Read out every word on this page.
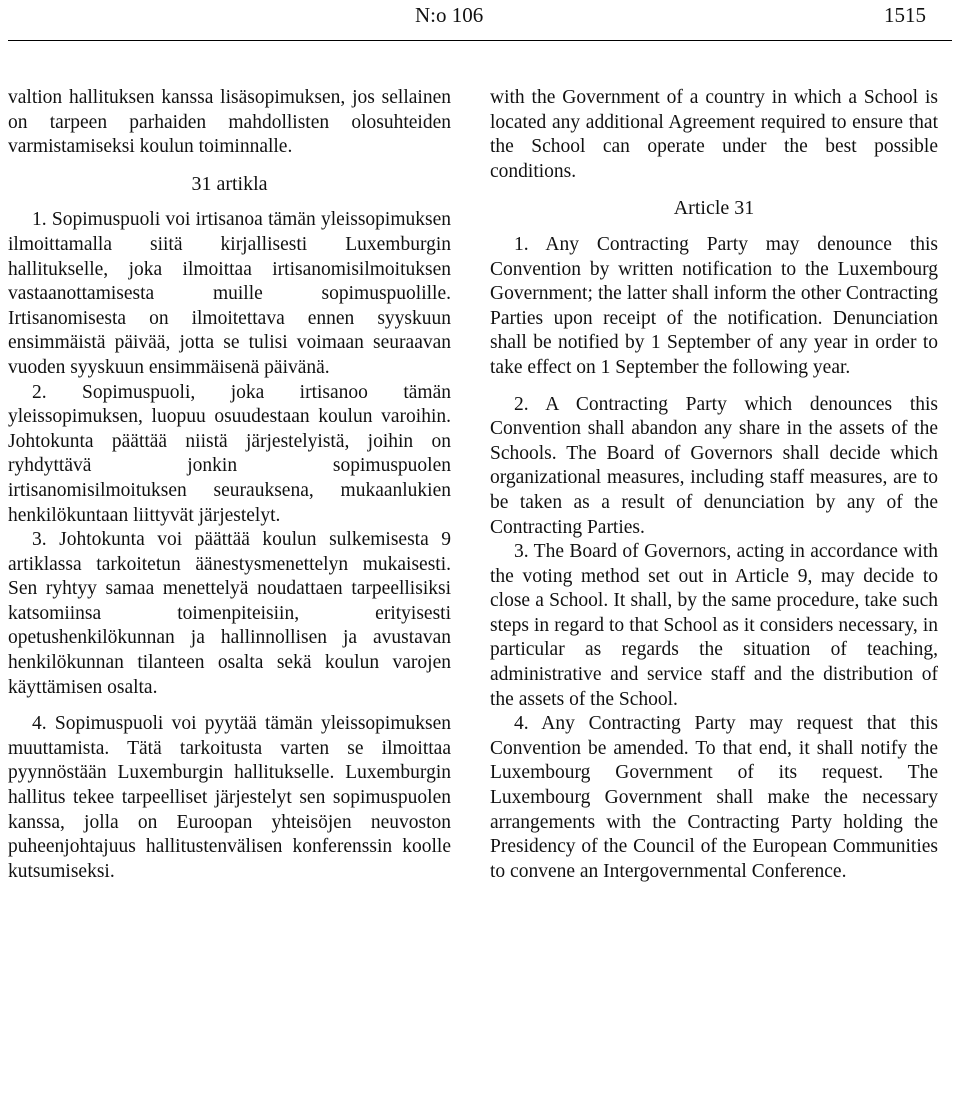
N:o 106	1515

valtion hallituksen kanssa lisäsopimuksen, jos sellainen on tarpeen parhaiden mahdollisten olosuhteiden varmistamiseksi koulun toiminnalle.

31 artikla

1. Sopimuspuoli voi irtisanoa tämän yleissopimuksen ilmoittamalla siitä kirjallisesti Luxemburgin hallitukselle, joka ilmoittaa irtisanomisilmoituksen vastaanottamisesta muille sopimuspuolille. Irtisanomisesta on ilmoitettava ennen syyskuun ensimmäistä päivää, jotta se tulisi voimaan seuraavan vuoden syyskuun ensimmäisenä päivänä.

2. Sopimuspuoli, joka irtisanoo tämän yleissopimuksen, luopuu osuudestaan koulun varoihin. Johtokunta päättää niistä järjestelyistä, joihin on ryhdyttävä jonkin sopimuspuolen irtisanomisilmoituksen seurauksena, mukaanlukien henkilökuntaan liittyvät järjestelyt.

3. Johtokunta voi päättää koulun sulkemisesta 9 artiklassa tarkoitetun äänestysmenettelyn mukaisesti. Sen ryhtyy samaa menettelyä noudattaen tarpeellisiksi katsomiinsa toimenpiteisiin, erityisesti opetushenkilökunnan ja hallinnollisen ja avustavan henkilökunnan tilanteen osalta sekä koulun varojen käyttämisen osalta.

4. Sopimuspuoli voi pyytää tämän yleissopimuksen muuttamista. Tätä tarkoitusta varten se ilmoittaa pyynnöstään Luxemburgin hallitukselle. Luxemburgin hallitus tekee tarpeelliset järjestelyt sen sopimuspuolen kanssa, jolla on Euroopan yhteisöjen neuvoston puheenjohtajuus hallitustenvälisen konferenssin koolle kutsumiseksi.

with the Government of a country in which a School is located any additional Agreement required to ensure that the School can operate under the best possible conditions.

Article 31

1. Any Contracting Party may denounce this Convention by written notification to the Luxembourg Government; the latter shall inform the other Contracting Parties upon receipt of the notification. Denunciation shall be notified by 1 September of any year in order to take effect on 1 September the following year.

2. A Contracting Party which denounces this Convention shall abandon any share in the assets of the Schools. The Board of Governors shall decide which organizational measures, including staff measures, are to be taken as a result of denunciation by any of the Contracting Parties.

3. The Board of Governors, acting in accordance with the voting method set out in Article 9, may decide to close a School. It shall, by the same procedure, take such steps in regard to that School as it considers necessary, in particular as regards the situation of teaching, administrative and service staff and the distribution of the assets of the School.

4. Any Contracting Party may request that this Convention be amended. To that end, it shall notify the Luxembourg Government of its request. The Luxembourg Government shall make the necessary arrangements with the Contracting Party holding the Presidency of the Council of the European Communities to convene an Intergovernmental Conference.
